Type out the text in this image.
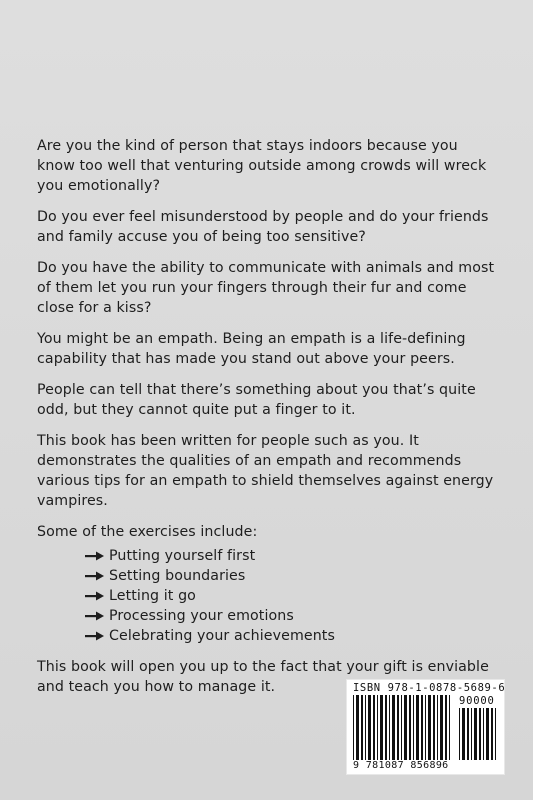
Are you the kind of person that stays indoors because you know too well that venturing outside among crowds will wreck you emotionally?

Do you ever feel misunderstood by people and do your friends and family accuse you of being too sensitive?

Do you have the ability to communicate with animals and most of them let you run your fingers through their fur and come close for a kiss?

You might be an empath. Being an empath is a life-defining capability that has made you stand out above your peers.

People can tell that there’s something about you that’s quite odd, but they cannot quite put a finger to it.

This book has been written for people such as you. It demonstrates the qualities of an empath and recommends various tips for an empath to shield themselves against energy vampires.

Some of the exercises include:

Putting yourself first
Setting boundaries
Letting it go
Processing your emotions
Celebrating your achievements

This book will open you up to the fact that your gift is enviable and teach you how to manage it.	ISBN 978-1-0878-5689-6
90000
9 781087 856896
